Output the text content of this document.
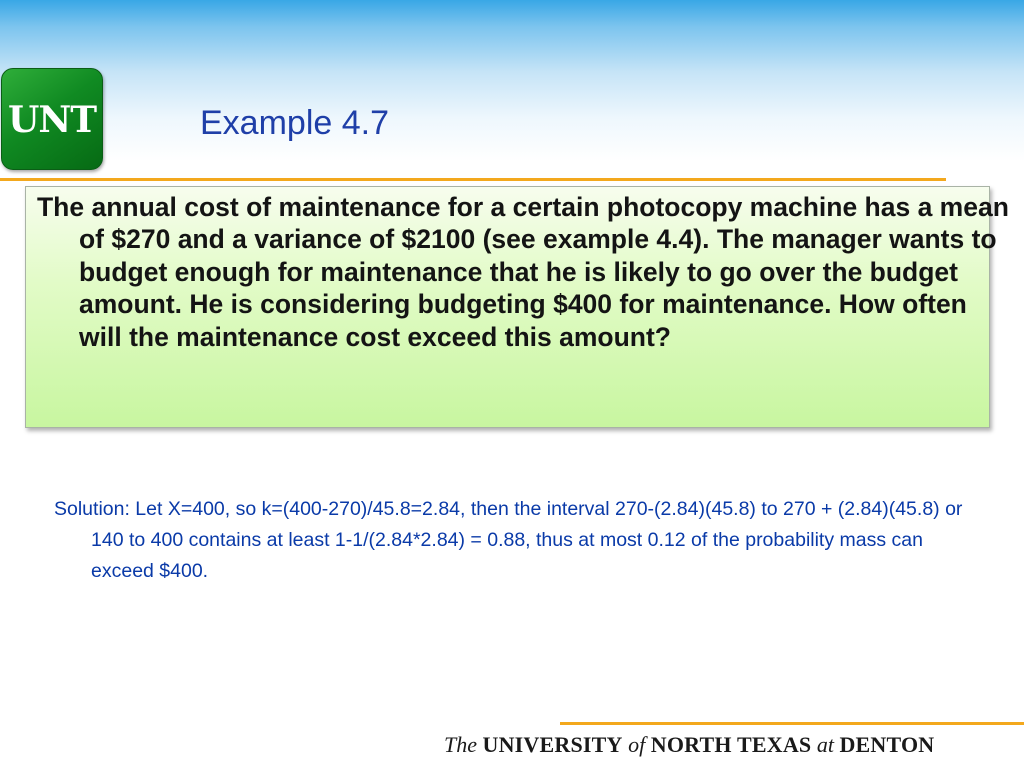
UNT	Example 4.7

The annual cost of maintenance for a certain photocopy machine has a mean of $270 and a variance of $2100 (see example 4.4). The manager wants to budget enough for maintenance that he is likely to go over the budget amount. He is considering budgeting $400 for maintenance. How often will the maintenance cost exceed this amount?

Solution: Let X=400, so k=(400-270)/45.8=2.84, then the interval 270-(2.84)(45.8) to 270 + (2.84)(45.8) or 140 to 400 contains at least 1-1/(2.84*2.84) = 0.88, thus at most 0.12 of the probability mass can exceed $400.

The UNIVERSITY of NORTH TEXAS at DENTON
